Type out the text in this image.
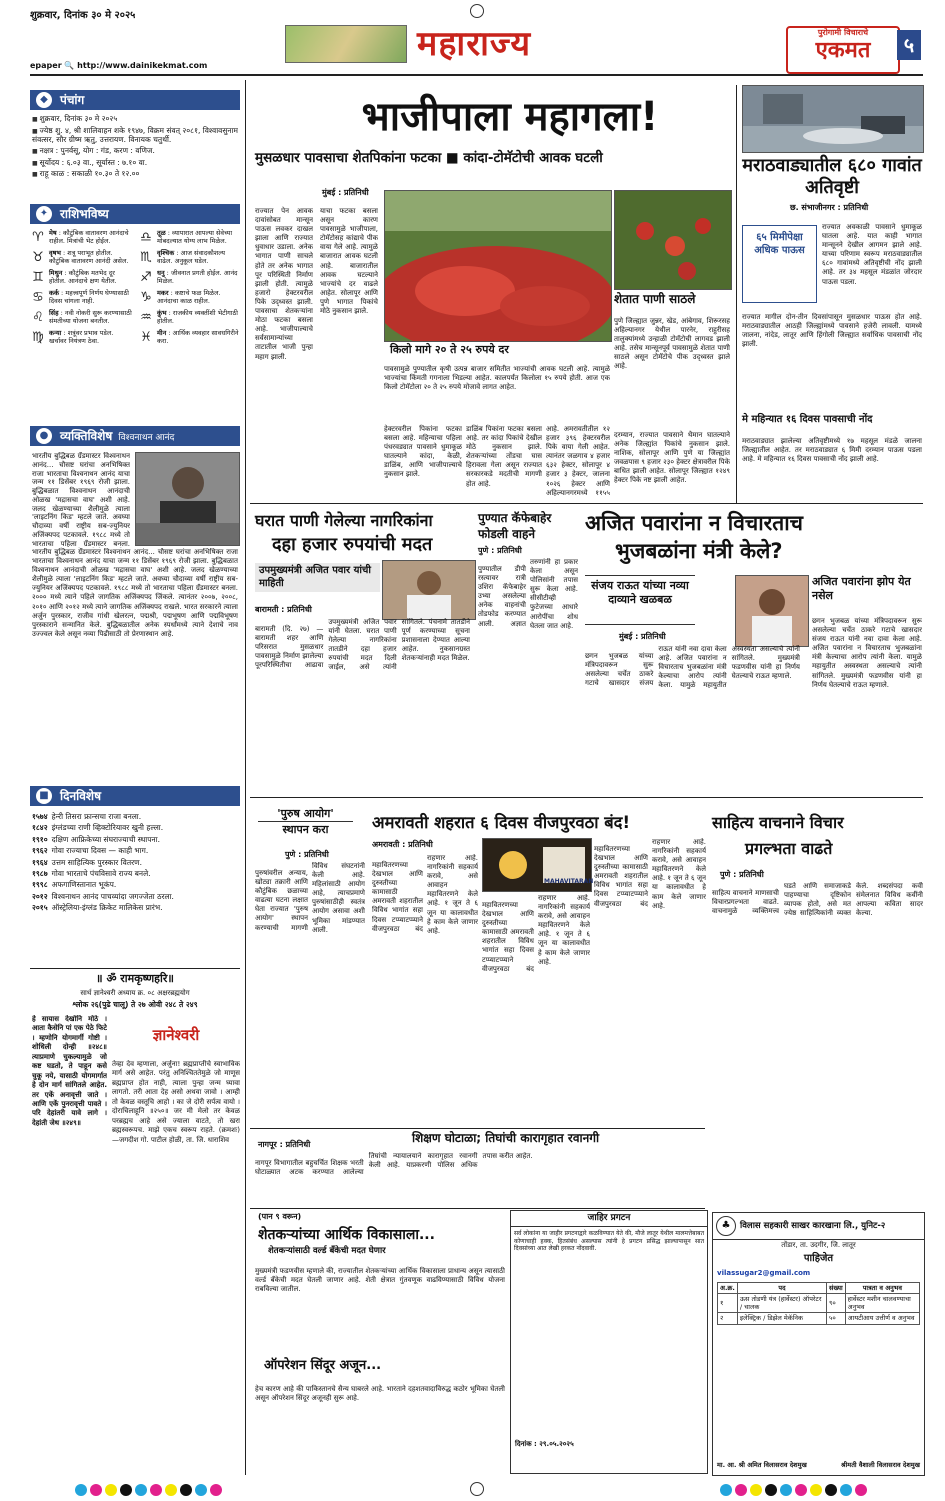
शुक्रवार, दिनांक ३० मे २०२५
epaper 🔍 http://www.dainikekmat.com
महाराज्य	पुरोगामी विचाराचे
एकमत	५
◆ पंचांग

■ शुक्रवार, दिनांक ३० मे २०२५

■ ज्येष्ठ शु. ४, श्री शालिवाहन शके १९४७, विक्रम संवत् २०८१, विश्वावसुनाम संवत्सर, सौर ग्रीष्म ऋतु, उत्तरायण. विनायक चतुर्थी.

■ नक्षत्र : पुनर्वसू, योग : गंड, करण : वणिज.

■ सूर्योदय : ६.०३ वा., सूर्यास्त : ७.१० वा.

■ राहू काळ : सकाळी १०.३० ते १२.००

✦ राशिभविष्य
♈ मेष : कौटुंबिक वातावरण आनंदाचे राहील. मित्रांची भेट होईल.	♎ तूळ : व्यापारात आपल्या सेवेच्या मोबदल्यात योग्य लाभ मिळेल.
♉ वृषभ : शत्रू पराभूत होतील. कौटुंबिक वातावरण आनंदी असेल. ♏ वृश्चिक : आज संवादकौशल्य वाढेल. अनुकूल घडेल.
♊ मिथुन : कौटुंबिक मतभेद दूर होतील. आनंदाचे क्षण येतील.	♐ धनु : जीवनात प्रगती होईल. आनंद मिळेल.
♋ कर्क : महत्त्वपूर्ण निर्णय घेण्यासाठी दिवस चांगला नाही.	♑ मकर : कष्टाचे फळ मिळेल. आनंदाचा काळ राहील.
♌ सिंह : नवी नोकरी सुरू करण्यासाठी संमतीच्या योजना बनतील.	♒ कुंभ : राजकीय व्यक्तींशी भेटीगाठी होतील.
♍ कन्या : शत्रूंवर प्रभाव पडेल. खर्चावर नियंत्रण ठेवा.	♓ मीन : आर्थिक व्यवहार सावधगिरीने करा.
● व्यक्तिविशेष विश्वनाथन आनंद

भारतीय बुद्धिबळ ग्रँडमास्टर विश्वनाथन आनंद... चौसष्ट घरांचा अनभिषिक्त राजा भारताचा विश्वनाथन आनंद याचा जन्म ११ डिसेंबर १९६९ रोजी झाला. बुद्धिबळात विश्वनाथन आनंदाची ओळख 'मद्रासचा वाघ' अशी आहे. जलद खेळण्याच्या शैलीमुळे त्याला 'लाइटनिंग किड' म्हटले जाते. अवघ्या चौदाव्या वर्षी राष्ट्रीय सब-ज्युनियर अजिंक्यपद पटकावले. १९८८ मध्ये तो भारताचा पहिला ग्रँडमास्टर बनला.

भारतीय बुद्धिबळ ग्रँडमास्टर विश्वनाथन आनंद... चौसष्ट घरांचा अनभिषिक्त राजा भारताचा विश्वनाथन आनंद याचा जन्म ११ डिसेंबर १९६९ रोजी झाला. बुद्धिबळात विश्वनाथन आनंदाची ओळख 'मद्रासचा वाघ' अशी आहे. जलद खेळण्याच्या शैलीमुळे त्याला 'लाइटनिंग किड' म्हटले जाते. अवघ्या चौदाव्या वर्षी राष्ट्रीय सब-ज्युनियर अजिंक्यपद पटकावले. १९८८ मध्ये तो भारताचा पहिला ग्रँडमास्टर बनला. २००० मध्ये त्याने पहिले जागतिक अजिंक्यपद जिंकले. त्यानंतर २००७, २००८, २०१० आणि २०१२ मध्ये त्याने जागतिक अजिंक्यपद राखले. भारत सरकारने त्याला अर्जुन पुरस्कार, राजीव गांधी खेलरत्न, पद्मश्री, पद्मभूषण आणि पद्मविभूषण पुरस्काराने सन्मानित केले. बुद्धिबळातील अनेक स्पर्धांमध्ये त्याने देशाचे नाव उज्ज्वल केले असून नव्या पिढीसाठी तो प्रेरणास्थान आहे.

■ दिनविशेष

१५७४ हेन्‍री तिसरा फ्रान्सचा राजा बनला.

१८४२ इंग्लंडच्या राणी व्हिक्टोरियावर खुनी हल्ला.

१९१० दक्षिण आफ्रिकेच्या संघराज्याची स्थापना.

१९६२ गोवा राज्याचा दिवस — काही भाग.

१९६४ उत्तम साहित्यिक पुरस्कार वितरण.

१९८७ गोवा भारताचे पंचविसावे राज्य बनले.

१९९८ अफगाणिस्तानात भूकंप.

२०१२ विश्वनाथन आनंद पाचव्यांदा जगज्जेता ठरला.

२०१५ ऑस्ट्रेलिया-इंग्लंड क्रिकेट मालिकेस प्रारंभ.

॥ ॐ रामकृष्णहरि॥
सार्थ ज्ञानेश्वरी अध्याय क्र. ०८ अक्षरब्रह्मयोग
श्लोक २६(पुढे चालू) ते २७ ओवी २४८ ते २४९
ज्ञानेश्वरी

हे सायास देखोनि मोठे । आता कैसेनि पां एक पेठे फिटे । म्हणोनि योगमार्गी गोष्टी । शोधिली दोन्ही ॥२४८॥ त्याप्रमाणे चुकल्यामुळे जो कष्ट घडतो, ते पाहून कसे चुकू नये, यासाठी योगमार्गात हे दोन मार्ग सांगितले आहेत. तर एकें अनावृत्ती जाते । आणि एकें पुनरावृत्ती पावते । परि देहांतरी यावे लागे । देहांती जेथ ॥२४९॥

तेव्हा देव म्हणाला, अर्जुना! ब्रह्मप्राप्तीचे स्वाभाविक मार्ग असे आहेत. परंतु अनिश्चिततेमुळे जो माणूस ब्रह्मप्राप्त होत नाही, त्याला पुन्हा जन्म घ्यावा लागतो. तरी आता देह असो अथवा जावो । आम्ही तो केवळ वस्तूचि आहो । का जे दोरी सर्पत्व वायो । दोराचिलाहूनि ॥२५०॥ जर मी मेलो तर केवळ परब्रह्मच आहे असे ज्याला वाटते, तो खरा ब्रह्मस्वरूपच. माझे एकच स्वरूप राहते. (क्रमशः) —जगदीश गो. पाटील होळी, ता. जि. धाराशिव

भाजीपाला महागला!
मुसळधार पावसाचा शेतपिकांना फटका ■ कांदा-टोमॅटोची आवक घटली	मराठवाड्यातील ६८० गावांत अतिवृष्टी
छ. संभाजीनगर : प्रतिनिधी
६५ मिमीपेक्षा अधिक पाऊस

राज्यात अवकाळी पावसाने धुमाकूळ घातला आहे. यात काही भागात मान्सूनने देखील आगमन झाले आहे. याच्या परिणाम स्वरूप मराठवाड्यातील ६८० गावांमध्ये अतिवृष्टीची नोंद झाली आहे. तर ३४ महसूल मंडळांत जोरदार पाऊस पडला.

राज्यात मागील दोन-तीन दिवसांपासून मुसळधार पाऊस होत आहे. मराठवाड्यातील आठही जिल्ह्यांमध्ये पावसाने हजेरी लावली. यामध्ये जालना, नांदेड, लातूर आणि हिंगोली जिल्ह्यात सर्वाधिक पावसाची नोंद झाली.

मे महिन्यात १६ दिवस पावसाची नोंद

मराठवाड्यात झालेल्या अतिवृष्टीमध्ये १७ महसूल मंडळे जालना जिल्ह्यातील आहेत. तर मराठवाड्यात ६ मिमी दरम्यान पाऊस पडला आहे. मे महिन्यात १६ दिवस पावसाची नोंद झाली आहे.

मुंबई : प्रतिनिधी

राज्यात पेन आवक दावांसोबत मान्सून पाऊस लवकर दाखल झाला आणि राज्यात धुवाधार उडाला. अनेक भागात पाणी साचले होते तर अनेक भागात पूर परिस्थिती निर्माण झाली होती. त्यामुळे हजारो हेक्टरवरील पिके उद्ध्वस्त झाली. पावसाचा शेतकऱ्यांना मोठा फटका बसला आहे. भाजीपाल्याचे सर्वसामान्यांच्या ताटातील भाजी पुन्हा महाग झाली.

याचा फटका बसला असून कारण पावसामुळे भाजीपाला, टोमॅटोसह कांद्याचे पीक वाया गेले आहे. त्यामुळे बाजारात आवक घटली आहे. बाजारातील आवक घटल्याने भाज्यांचे दर वाढले आहेत. सोलापूर आणि पुणे भागात पिकांचे मोठे नुकसान झाले.

शेतात पाणी साठले

पुणे जिल्ह्यात जुन्नर, खेड, आंबेगाव, शिरूरसह अहिल्यानगर येथील पारनेर, राहुरीसह तालुक्यांमध्ये उन्हाळी टोमॅटोची लागवड झाली आहे. तसेच मान्सूनपूर्व पावसामुळे शेतात पाणी साठले असून टोमॅटोचे पीक उद्ध्वस्त झाले आहे.

किलो मागे २० ते २५ रुपये दर

पावसामुळे पुण्यातील कृषी उत्पन्न बाजार समितीत भाज्यांची आवक घटली आहे. त्यामुळे भाज्यांचा किंमती गगनाला भिडल्या आहेत. कालपर्यंत किलोला १५ रुपये होती. आज एक किलो टोमॅटोला २० ते २५ रुपये मोजावे लागत आहेत.

हेक्टरवरील पिकांना फटका बसला आहे. महिन्याचा पहिला पंधरवड्यात पावसाने धुमाकूळ घातल्याने कांदा, केळी, डाळिंब, आणि भाजीपाल्याचे नुकसान झाले.

डाळिंब पिकांना फटका बसला आहे. तर कांदा पिकांचे देखील मोठे नुकसान झाले. शेतकऱ्यांच्या तोंडचा घास हिरावला गेला असून राज्यात सरकारकडे मदतीची मागणी होत आहे.

आहे. अमरावतीतील १२ हजार ३९६ हेक्टरवरील पिके वाया गेली आहेत. त्यानंतर जळगाव ४ हजार ६३२ हेक्टर, सोलापूर ४ हजार ३ हेक्टर, जालना १०२६ हेक्टर आणि अहिल्यानगरमध्ये ११५५

दरम्यान, राज्यात पावसाने थैमान घातल्याने अनेक जिल्ह्यांत पिकांचे नुकसान झाले. नाशिक, सोलापूर आणि पुणे या जिल्ह्यांत जवळपास ९ हजार २३० हेक्टर क्षेत्रावरील पिके बाधित झाली आहेत. सोलापूर जिल्ह्यात १२४९ हेक्टर पिके नष्ट झाली आहेत.

घरात पाणी गेलेल्या नागरिकांना
दहा हजार रुपयांची मदत
उपमुख्यमंत्री अजित पवार यांची माहिती
बारामती : प्रतिनिधी

बारामती (दि. २७) — बारामती शहर आणि परिसरात मुसळधार पावसामुळे निर्माण झालेल्या पूरपरिस्थितीचा आढावा उपमुख्यमंत्री अजित पवार यांनी घेतला. घरात पाणी गेलेल्या नागरिकांना तातडीने दहा हजार रुपयांची मदत दिली जाईल, असे त्यांनी सांगितले. पंचनामे तातडीने पूर्ण करण्याच्या सूचना प्रशासनाला देण्यात आल्या आहेत. नुकसानग्रस्त शेतकऱ्यांनाही मदत मिळेल.

पुण्यात कॅफेबाहेर फोडली वाहने
पुणे : प्रतिनिधी

पुण्यातील डीपी रस्त्यावर रात्री उशिरा कॅफेबाहेर उभ्या असलेल्या अनेक वाहनांची तोडफोड करण्यात आली. अज्ञात तरुणांनी हा प्रकार केला असून पोलिसांनी तपास सुरू केला आहे. सीसीटीव्ही फुटेजच्या आधारे आरोपींचा शोध घेतला जात आहे.

अजित पवारांना न विचारताच
भुजबळांना मंत्री केले?
संजय राऊत यांच्या नव्या दाव्याने खळबळ
अजित पवारांना झोप येत नसेल
मुंबई : प्रतिनिधी

छगन भुजबळ यांच्या मंत्रिपदावरून सुरू असलेल्या चर्चेत ठाकरे गटाचे खासदार संजय राऊत यांनी नवा दावा केला आहे. अजित पवारांना न विचारताच भुजबळांना मंत्री केल्याचा आरोप त्यांनी केला. यामुळे महायुतीत अस्वस्थता असल्याचे त्यांनी सांगितले. मुख्यमंत्री फडणवीस यांनी हा निर्णय घेतल्याचे राऊत म्हणाले.

छगन भुजबळ यांच्या मंत्रिपदावरून सुरू असलेल्या चर्चेत ठाकरे गटाचे खासदार संजय राऊत यांनी नवा दावा केला आहे. अजित पवारांना न विचारताच भुजबळांना मंत्री केल्याचा आरोप त्यांनी केला. यामुळे महायुतीत अस्वस्थता असल्याचे त्यांनी सांगितले. मुख्यमंत्री फडणवीस यांनी हा निर्णय घेतल्याचे राऊत म्हणाले.

'पुरुष आयोग'
स्थापन करा
पुणे : प्रतिनिधी

पुरुषांवरील अन्याय, खोट्या तक्रारी आणि कौटुंबिक छळाच्या वाढत्या घटना लक्षात घेता राज्यात 'पुरुष आयोग' स्थापन करण्याची मागणी विविध संघटनांनी केली आहे. महिलांसाठी आयोग आहे, त्याचप्रमाणे पुरुषांसाठीही स्वतंत्र आयोग असावा अशी भूमिका मांडण्यात आली.

अमरावती शहरात ६ दिवस वीजपुरवठा बंद!
अमरावती : प्रतिनिधी
MAHAVITARAN

महावितरणच्या देखभाल आणि दुरुस्तीच्या कामासाठी अमरावती शहरातील विविध भागांत सहा दिवस टप्प्याटप्प्याने वीजपुरवठा बंद राहणार आहे. नागरिकांनी सहकार्य करावे, असे आवाहन महावितरणने केले आहे. १ जून ते ६ जून या कालावधीत हे काम केले जाणार आहे.

महावितरणच्या देखभाल आणि दुरुस्तीच्या कामासाठी अमरावती शहरातील विविध भागांत सहा दिवस टप्प्याटप्प्याने वीजपुरवठा बंद राहणार आहे. नागरिकांनी सहकार्य करावे, असे आवाहन महावितरणने केले आहे. १ जून ते ६ जून या कालावधीत हे काम केले जाणार आहे.

महावितरणच्या देखभाल आणि दुरुस्तीच्या कामासाठी अमरावती शहरातील विविध भागांत सहा दिवस टप्प्याटप्प्याने वीजपुरवठा बंद राहणार आहे. नागरिकांनी सहकार्य करावे, असे आवाहन महावितरणने केले आहे. १ जून ते ६ जून या कालावधीत हे काम केले जाणार आहे.

साहित्य वाचनाने विचार
प्रगल्भता वाढते
पुणे : प्रतिनिधी

साहित्य वाचनाने माणसाची विचारप्रगल्भता वाढते. वाचनामुळे व्यक्तिमत्त्व घडते आणि समाजाकडे पाहण्याचा दृष्टिकोन व्यापक होतो, असे मत ज्येष्ठ साहित्यिकांनी व्यक्त केले. शब्दसंपदा कवी संमेलनात विविध कवींनी आपल्या कविता सादर केल्या.

शिक्षण घोटाळा; तिघांची कारागृहात रवानगी
नागपूर : प्रतिनिधी

नागपूर विभागातील बहुचर्चित शिक्षक भरती घोटाळ्यात अटक करण्यात आलेल्या तिघांची न्यायालयाने कारागृहात रवानगी केली आहे. याप्रकरणी पोलिस अधिक तपास करीत आहेत.

(पान ९ वरून)
शेतकऱ्यांच्या आर्थिक विकासाला...
शेतकऱ्यांसाठी वर्ल्ड बँकेची मदत घेणार

मुख्यमंत्री फडणवीस म्हणाले की, राज्यातील शेतकऱ्यांच्या आर्थिक विकासाला प्राधान्य असून त्यासाठी वर्ल्ड बँकेची मदत घेतली जाणार आहे. शेती क्षेत्रात गुंतवणूक वाढविण्यासाठी विविध योजना राबविल्या जातील.

ऑपरेशन सिंदूर अजून...

हेच कारण आहे की पाकिस्तानचे सैन्य घाबरले आहे. भारताने दहशतवादाविरुद्ध कठोर भूमिका घेतली असून ऑपरेशन सिंदूर अजूनही सुरू आहे.

जाहिर प्रगटन
सर्व लोकांना या जाहीर प्रगटनाद्वारे कळविण्यात येते की, मौजे लातूर येथील मालमत्तेबाबत कोणाचाही हक्क, हितसंबंध असल्यास त्यांनी हे प्रगटन प्रसिद्ध झाल्यापासून सात दिवसांच्या आत लेखी हरकत नोंदवावी.
दिनांक : २९.०५.२०२५
♣	विलास सहकारी साखर कारखाना लि., युनिट-२
तोंडार, ता. उदगीर, जि. लातूर
पाहिजेत
vilassugar2@gmail.com
अ.क्र.	पद	संख्या	पात्रता व अनुभव
१	ऊस तोडणी यंत्र (हार्वेस्टर) ऑपरेटर / चालक	९०	हार्वेस्टर मशीन चालवण्याचा अनुभव
२	इलेक्ट्रिक / डिझेल मेकॅनिक	५०	आयटीआय उत्तीर्ण व अनुभव
मा. आ. श्री अमित विलासराव देशमुख	श्रीमती वैशाली विलासराव देशमुख
